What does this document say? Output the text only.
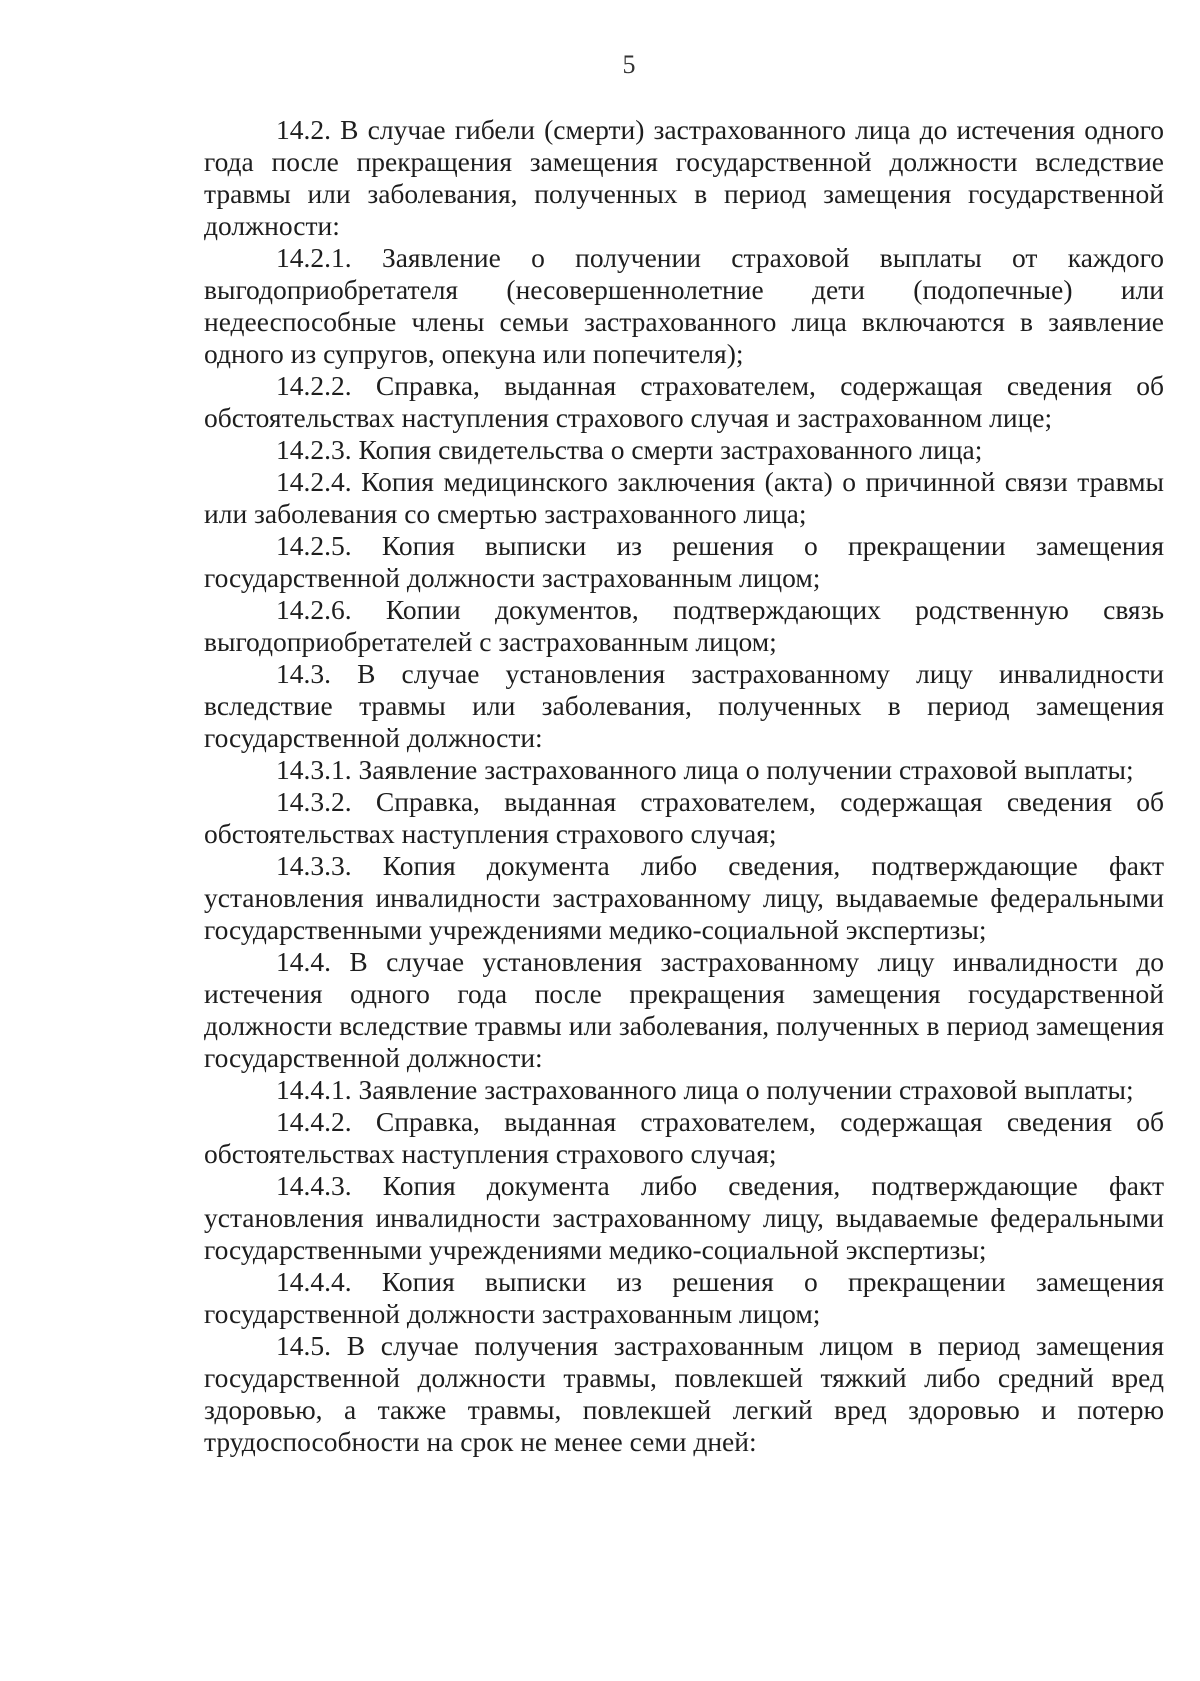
5

14.2. В случае гибели (смерти) застрахованного лица до истечения одного года после прекращения замещения государственной должности вследствие травмы или заболевания, полученных в период замещения государственной должности:

14.2.1. Заявление о получении страховой выплаты от каждого выгодоприобретателя (несовершеннолетние дети (подопечные) или недееспособные члены семьи застрахованного лица включаются в заявление одного из супругов, опекуна или попечителя);

14.2.2. Справка, выданная страхователем, содержащая сведения об обстоятельствах наступления страхового случая и застрахованном лице;

14.2.3. Копия свидетельства о смерти застрахованного лица;

14.2.4. Копия медицинского заключения (акта) о причинной связи травмы или заболевания со смертью застрахованного лица;

14.2.5. Копия выписки из решения о прекращении замещения государственной должности застрахованным лицом;

14.2.6. Копии документов, подтверждающих родственную связь выгодоприобретателей с застрахованным лицом;

14.3. В случае установления застрахованному лицу инвалидности вследствие травмы или заболевания, полученных в период замещения государственной должности:

14.3.1. Заявление застрахованного лица о получении страховой выплаты;

14.3.2. Справка, выданная страхователем, содержащая сведения об обстоятельствах наступления страхового случая;

14.3.3. Копия документа либо сведения, подтверждающие факт установления инвалидности застрахованному лицу, выдаваемые федеральными государственными учреждениями медико-социальной экспертизы;

14.4. В случае установления застрахованному лицу инвалидности до истечения одного года после прекращения замещения государственной должности вследствие травмы или заболевания, полученных в период замещения государственной должности:

14.4.1. Заявление застрахованного лица о получении страховой выплаты;

14.4.2. Справка, выданная страхователем, содержащая сведения об обстоятельствах наступления страхового случая;

14.4.3. Копия документа либо сведения, подтверждающие факт установления инвалидности застрахованному лицу, выдаваемые федеральными государственными учреждениями медико-социальной экспертизы;

14.4.4. Копия выписки из решения о прекращении замещения государственной должности застрахованным лицом;

14.5. В случае получения застрахованным лицом в период замещения государственной должности травмы, повлекшей тяжкий либо средний вред здоровью, а также травмы, повлекшей легкий вред здоровью и потерю трудоспособности на срок не менее семи дней:
